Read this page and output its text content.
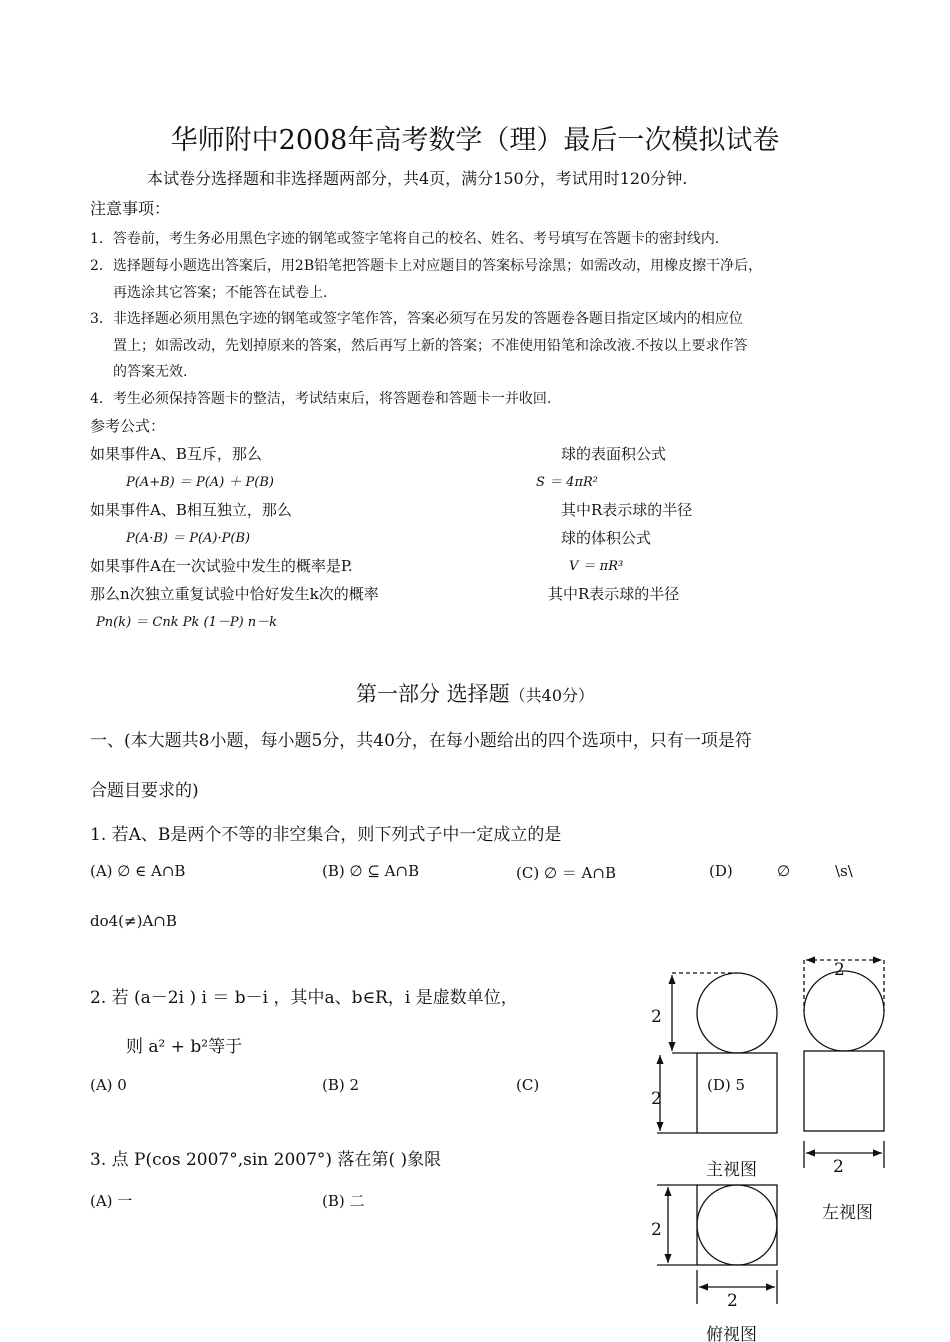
华师附中2008年高考数学（理）最后一次模拟试卷
本试卷分选择题和非选择题两部分，共4页，满分150分，考试用时120分钟.
注意事项：
1．答卷前，考生务必用黑色字迹的钢笔或签字笔将自己的校名、姓名、考号填写在答题卡的密封线内.
2．选择题每小题选出答案后，用2B铅笔把答题卡上对应题目的答案标号涂黑；如需改动，用橡皮擦干净后，
再选涂其它答案；不能答在试卷上.
3．非选择题必须用黑色字迹的钢笔或签字笔作答，答案必须写在另发的答题卷各题目指定区域内的相应位
置上；如需改动，先划掉原来的答案，然后再写上新的答案；不准使用铅笔和涂改液.不按以上要求作答
的答案无效.
4．考生必须保持答题卡的整洁，考试结束后，将答题卷和答题卡一并收回.
参考公式：
如果事件A、B互斥，那么
P(A+B) ＝ P(A) ＋ P(B)
如果事件A、B相互独立，那么
P(A·B) ＝ P(A)·P(B)
如果事件A在一次试验中发生的概率是P.
那么n次独立重复试验中恰好发生k次的概率
Pn(k) ＝ Cnk Pk (1－P) n－k
球的表面积公式
S ＝ 4πR²
其中R表示球的半径
球的体积公式
V ＝ πR³
其中R表示球的半径
第一部分 选择题（共40分）
一、(本大题共8小题，每小题5分，共40分，在每小题给出的四个选项中，只有一项是符
合题目要求的)
1. 若A、B是两个不等的非空集合，则下列式子中一定成立的是
(A) ∅ ∈ A∩B	(B) ∅ ⊆ A∩B	(C) ∅ ＝ A∩B	(D)	∅	\s\
do4(≠)A∩B
2. 若 (a－2i ) i ＝ b－i ，其中a、b∈R，i 是虚数单位，
则 a² + b²等于
(A) 0	(B) 2	(C)	(D) 5
3. 点 P(cos 2007°,sin 2007°) 落在第( )象限
(A) 一	(B) 二
2
2
2
2
2
2
主视图
左视图
俯视图
